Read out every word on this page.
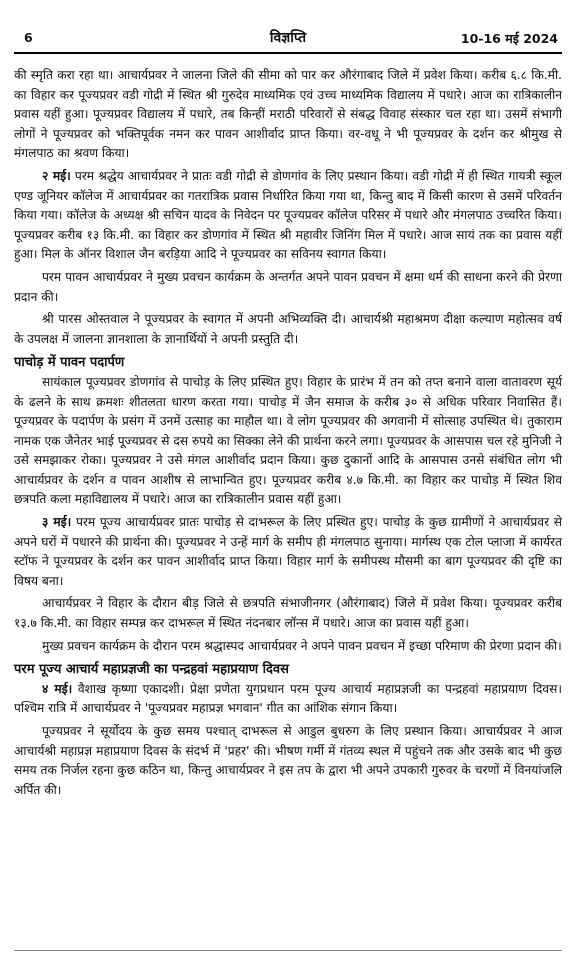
6	विज्ञप्ति	10-16 मई 2024

की स्मृति करा रहा था। आचार्यप्रवर ने जालना जिले की सीमा को पार कर औरंगाबाद जिले में प्रवेश किया। करीब ६.८ कि.मी. का विहार कर पूज्यप्रवर वडी गोद्री में स्थित श्री गुरुदेव माध्यमिक एवं उच्च माध्यमिक विद्यालय में पधारे। आज का रात्रिकालीन प्रवास यहीं हुआ। पूज्यप्रवर विद्यालय में पधारे, तब किन्हीं मराठी परिवारों से संबद्ध विवाह संस्कार चल रहा था। उसमें संभागी लोगों ने पूज्यप्रवर को भक्तिपूर्वक नमन कर पावन आशीर्वाद प्राप्त किया। वर-वधू ने भी पूज्यप्रवर के दर्शन कर श्रीमुख से मंगलपाठ का श्रवण किया।

२ मई। परम श्रद्धेय आचार्यप्रवर ने प्रातः वडी गोद्री से डोणगांव के लिए प्रस्थान किया। वडी गोद्री में ही स्थित गायत्री स्कूल एण्ड जूनियर कॉलेज में आचार्यप्रवर का गतरात्रिक प्रवास निर्धारित किया गया था, किन्तु बाद में किसी कारण से उसमें परिवर्तन किया गया। कॉलेज के अध्यक्ष श्री सचिन यादव के निवेदन पर पूज्यप्रवर कॉलेज परिसर में पधारे और मंगलपाठ उच्चरित किया। पूज्यप्रवर करीब १३ कि.मी. का विहार कर डोणगांव में स्थित श्री महावीर जिनिंग मिल में पधारे। आज सायं तक का प्रवास यहीं हुआ। मिल के ऑनर विशाल जैन बरड़िया आदि ने पूज्यप्रवर का सविनय स्वागत किया।

परम पावन आचार्यप्रवर ने मुख्य प्रवचन कार्यक्रम के अन्तर्गत अपने पावन प्रवचन में क्षमा धर्म की साधना करने की प्रेरणा प्रदान की।

श्री पारस ओस्तवाल ने पूज्यप्रवर के स्वागत में अपनी अभिव्यक्ति दी। आचार्यश्री महाश्रमण दीक्षा कल्याण महोत्सव वर्ष के उपलक्ष में जालना ज्ञानशाला के ज्ञानार्थियों ने अपनी प्रस्तुति दी।

पाचोड़ में पावन पदार्पण

सायंकाल पूज्यप्रवर डोणगांव से पाचोड़ के लिए प्रस्थित हुए। विहार के प्रारंभ में तन को तप्त बनाने वाला वातावरण सूर्य के ढलने के साथ क्रमशः शीतलता धारण करता गया। पाचोड़ में जैन समाज के करीब ३० से अधिक परिवार निवासित हैं। पूज्यप्रवर के पदार्पण के प्रसंग में उनमें उत्साह का माहौल था। वे लोग पूज्यप्रवर की अगवानी में सोत्साह उपस्थित थे। तुकाराम नामक एक जैनेतर भाई पूज्यप्रवर से दस रुपये का सिक्का लेने की प्रार्थना करने लगा। पूज्यप्रवर के आसपास चल रहे मुनिजी ने उसे समझाकर रोका। पूज्यप्रवर ने उसे मंगल आशीर्वाद प्रदान किया। कुछ दुकानों आदि के आसपास उनसे संबंधित लोग भी आचार्यप्रवर के दर्शन व पावन आशीष से लाभान्वित हुए। पूज्यप्रवर करीब ४.७ कि.मी. का विहार कर पाचोड़ में स्थित शिव छत्रपति कला महाविद्यालय में पधारे। आज का रात्रिकालीन प्रवास यहीं हुआ।

३ मई। परम पूज्य आचार्यप्रवर प्रातः पाचोड़ से दाभरूल के लिए प्रस्थित हुए। पाचोड़ के कुछ ग्रामीणों ने आचार्यप्रवर से अपने घरों में पधारने की प्रार्थना की। पूज्यप्रवर ने उन्हें मार्ग के समीप ही मंगलपाठ सुनाया। मार्गस्थ एक टोल प्लाजा में कार्यरत स्टॉफ ने पूज्यप्रवर के दर्शन कर पावन आशीर्वाद प्राप्त किया। विहार मार्ग के समीपस्थ मौसमी का बाग पूज्यप्रवर की दृष्टि का विषय बना।

आचार्यप्रवर ने विहार के दौरान बीड़ जिले से छत्रपति संभाजीनगर (औरंगाबाद) जिले में प्रवेश किया। पूज्यप्रवर करीब १३.७ कि.मी. का विहार सम्पन्न कर दाभरूल में स्थित नंदनबार लॉन्स में पधारे। आज का प्रवास यहीं हुआ।

मुख्य प्रवचन कार्यक्रम के दौरान परम श्रद्धास्पद आचार्यप्रवर ने अपने पावन प्रवचन में इच्छा परिमाण की प्रेरणा प्रदान की।

परम पूज्य आचार्य महाप्रज्ञजी का पन्द्रहवां महाप्रयाण दिवस

४ मई। वैशाख कृष्णा एकादशी। प्रेक्षा प्रणेता युगप्रधान परम पूज्य आचार्य महाप्रज्ञजी का पन्द्रहवां महाप्रयाण दिवस। पश्चिम रात्रि में आचार्यप्रवर ने 'पूज्यप्रवर महाप्रज्ञ भगवान' गीत का आंशिक संगान किया।

पूज्यप्रवर ने सूर्योदय के कुछ समय पश्चात् दाभरूल से आडुल बुधरुग के लिए प्रस्थान किया। आचार्यप्रवर ने आज आचार्यश्री महाप्रज्ञ महाप्रयाण दिवस के संदर्भ में 'प्रहर' की। भीषण गर्मी में गंतव्य स्थल में पहुंचने तक और उसके बाद भी कुछ समय तक निर्जल रहना कुछ कठिन था, किन्तु आचार्यप्रवर ने इस तप के द्वारा भी अपने उपकारी गुरुवर के चरणों में विनयांजलि अर्पित की।
